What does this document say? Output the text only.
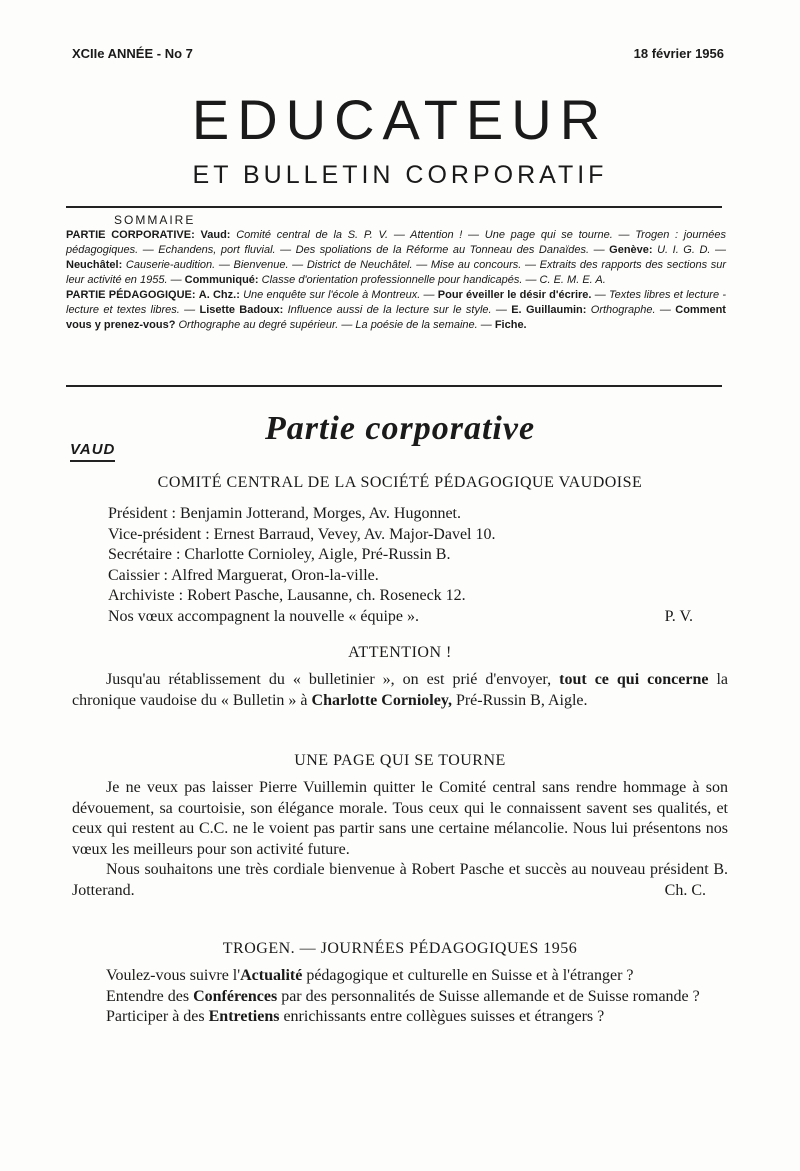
XCIIe ANNÉE - No 7	18 février 1956
EDUCATEUR
ET BULLETIN CORPORATIF
SOMMAIRE

PARTIE CORPORATIVE: Vaud: Comité central de la S. P. V. — Attention ! — Une page qui se tourne. — Trogen : journées pédagogiques. — Echandens, port fluvial. — Des spoliations de la Réforme au Tonneau des Danaïdes. — Genève: U. I. G. D. — Neuchâtel: Causerie-audition. — Bienvenue. — District de Neuchâtel. — Mise au concours. — Extraits des rapports des sections sur leur activité en 1955. — Communiqué: Classe d'orientation professionnelle pour handicapés. — C. E. M. E. A.

PARTIE PÉDAGOGIQUE: A. Chz.: Une enquête sur l'école à Montreux. — Pour éveiller le désir d'écrire. — Textes libres et lecture - lecture et textes libres. — Lisette Badoux: Influence aussi de la lecture sur le style. — E. Guillaumin: Orthographe. — Comment vous y prenez-vous? Orthographe au degré supérieur. — La poésie de la semaine. — Fiche.

Partie corporative
VAUD
COMITÉ CENTRAL DE LA SOCIÉTÉ PÉDAGOGIQUE VAUDOISE
Président : Benjamin Jotterand, Morges, Av. Hugonnet.
Vice-président : Ernest Barraud, Vevey, Av. Major-Davel 10.
Secrétaire : Charlotte Cornioley, Aigle, Pré-Russin B.
Caissier : Alfred Marguerat, Oron-la-ville.
Archiviste : Robert Pasche, Lausanne, ch. Roseneck 12.
Nos vœux accompagnent la nouvelle « équipe ».	P. V.
ATTENTION !

Jusqu'au rétablissement du « bulletinier », on est prié d'envoyer, tout ce qui concerne la chronique vaudoise du « Bulletin » à Charlotte Cornioley, Pré-Russin B, Aigle.

UNE PAGE QUI SE TOURNE

Je ne veux pas laisser Pierre Vuillemin quitter le Comité central sans rendre hommage à son dévouement, sa courtoisie, son élégance morale. Tous ceux qui le connaissent savent ses qualités, et ceux qui restent au C.C. ne le voient pas partir sans une certaine mélancolie. Nous lui présentons nos vœux les meilleurs pour son activité future.

Nous souhaitons une très cordiale bienvenue à Robert Pasche et succès au nouveau président B. Jotterand.	Ch. C.

TROGEN. — JOURNÉES PÉDAGOGIQUES 1956

Voulez-vous suivre l'Actualité pédagogique et culturelle en Suisse et à l'étranger ?

Entendre des Conférences par des personnalités de Suisse allemande et de Suisse romande ?

Participer à des Entretiens enrichissants entre collègues suisses et étrangers ?
